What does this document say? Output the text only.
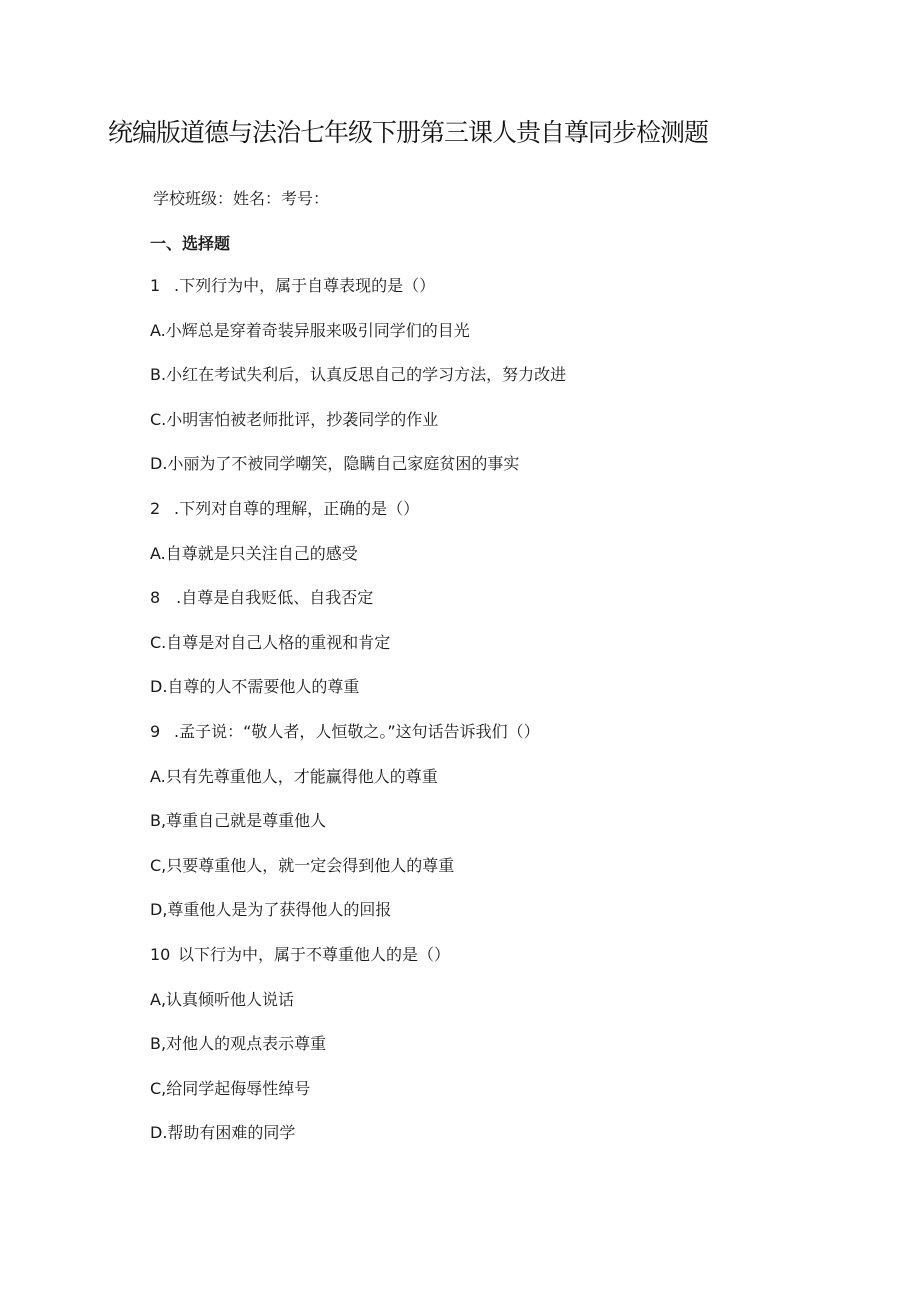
统编版道德与法治七年级下册第三课人贵自尊同步检测题
学校班级：姓名：考号：
一、选择题
1 .下列行为中，属于自尊表现的是（）
A.小辉总是穿着奇装异服来吸引同学们的目光
B.小红在考试失利后，认真反思自己的学习方法，努力改进
C.小明害怕被老师批评，抄袭同学的作业
D.小丽为了不被同学嘲笑，隐瞒自己家庭贫困的事实
2 .下列对自尊的理解，正确的是（）
A.自尊就是只关注自己的感受
8　.自尊是自我贬低、自我否定
C.自尊是对自己人格的重视和肯定
D.自尊的人不需要他人的尊重
9 .孟子说：“敬人者，人恒敬之。”这句话告诉我们（）
A.只有先尊重他人，才能赢得他人的尊重
B,尊重自己就是尊重他人
C,只要尊重他人，就一定会得到他人的尊重
D,尊重他人是为了获得他人的回报
10 以下行为中，属于不尊重他人的是（）
A,认真倾听他人说话
B,对他人的观点表示尊重
C,给同学起侮辱性绰号
D.帮助有困难的同学
